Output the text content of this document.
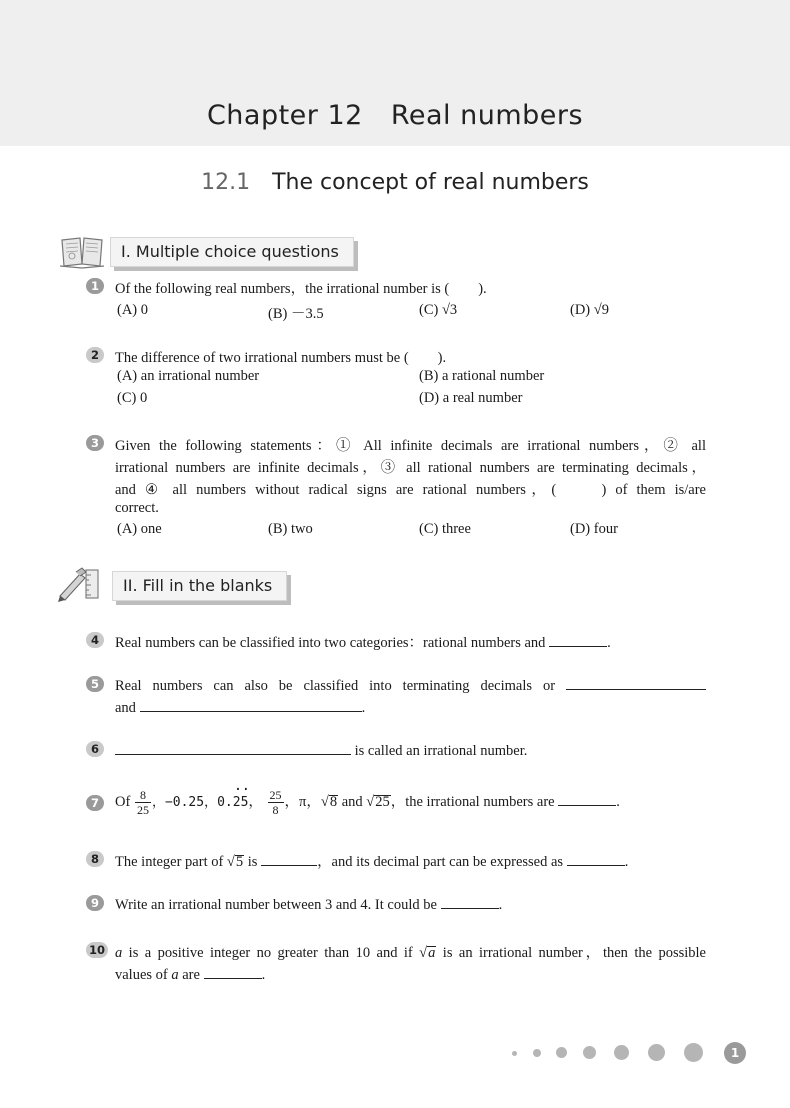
Chapter 12 Real numbers
12.1 The concept of real numbers
I. Multiple choice questions
1	Of the following real numbers，the irrational number is (　　).
(A) 0	(B) －3.5	(C) √3	(D) √9
2	The difference of two irrational numbers must be (　　).
(A) an irrational number	(B) a rational number
(C) 0	(D) a real number
3	Given the following statements：① All infinite decimals are irrational numbers，② all
irrational numbers are infinite decimals，③ all rational numbers are terminating decimals，
and ④ all numbers without radical signs are rational numbers，(　　) of them is/are
correct.
(A) one	(B) two	(C) three	(D) four
II. Fill in the blanks
4	Real numbers can be classified into two categories：rational numbers and	.
5	Real numbers can also be classified into terminating decimals or
and	.
6	is called an irrational number.
7	Of $\frac{8}{25}$ ，−0.25，0.· 2· 5， $\frac{25}{8}$ ，π，√8 and √25，the irrational numbers are	.
8	The integer part of √5 is	，and its decimal part can be expressed as	.
9	Write an irrational number between 3 and 4. It could be	.
10 a is a positive integer no greater than 10 and if √a is an irrational number，then the possible
values of a are	.
1
